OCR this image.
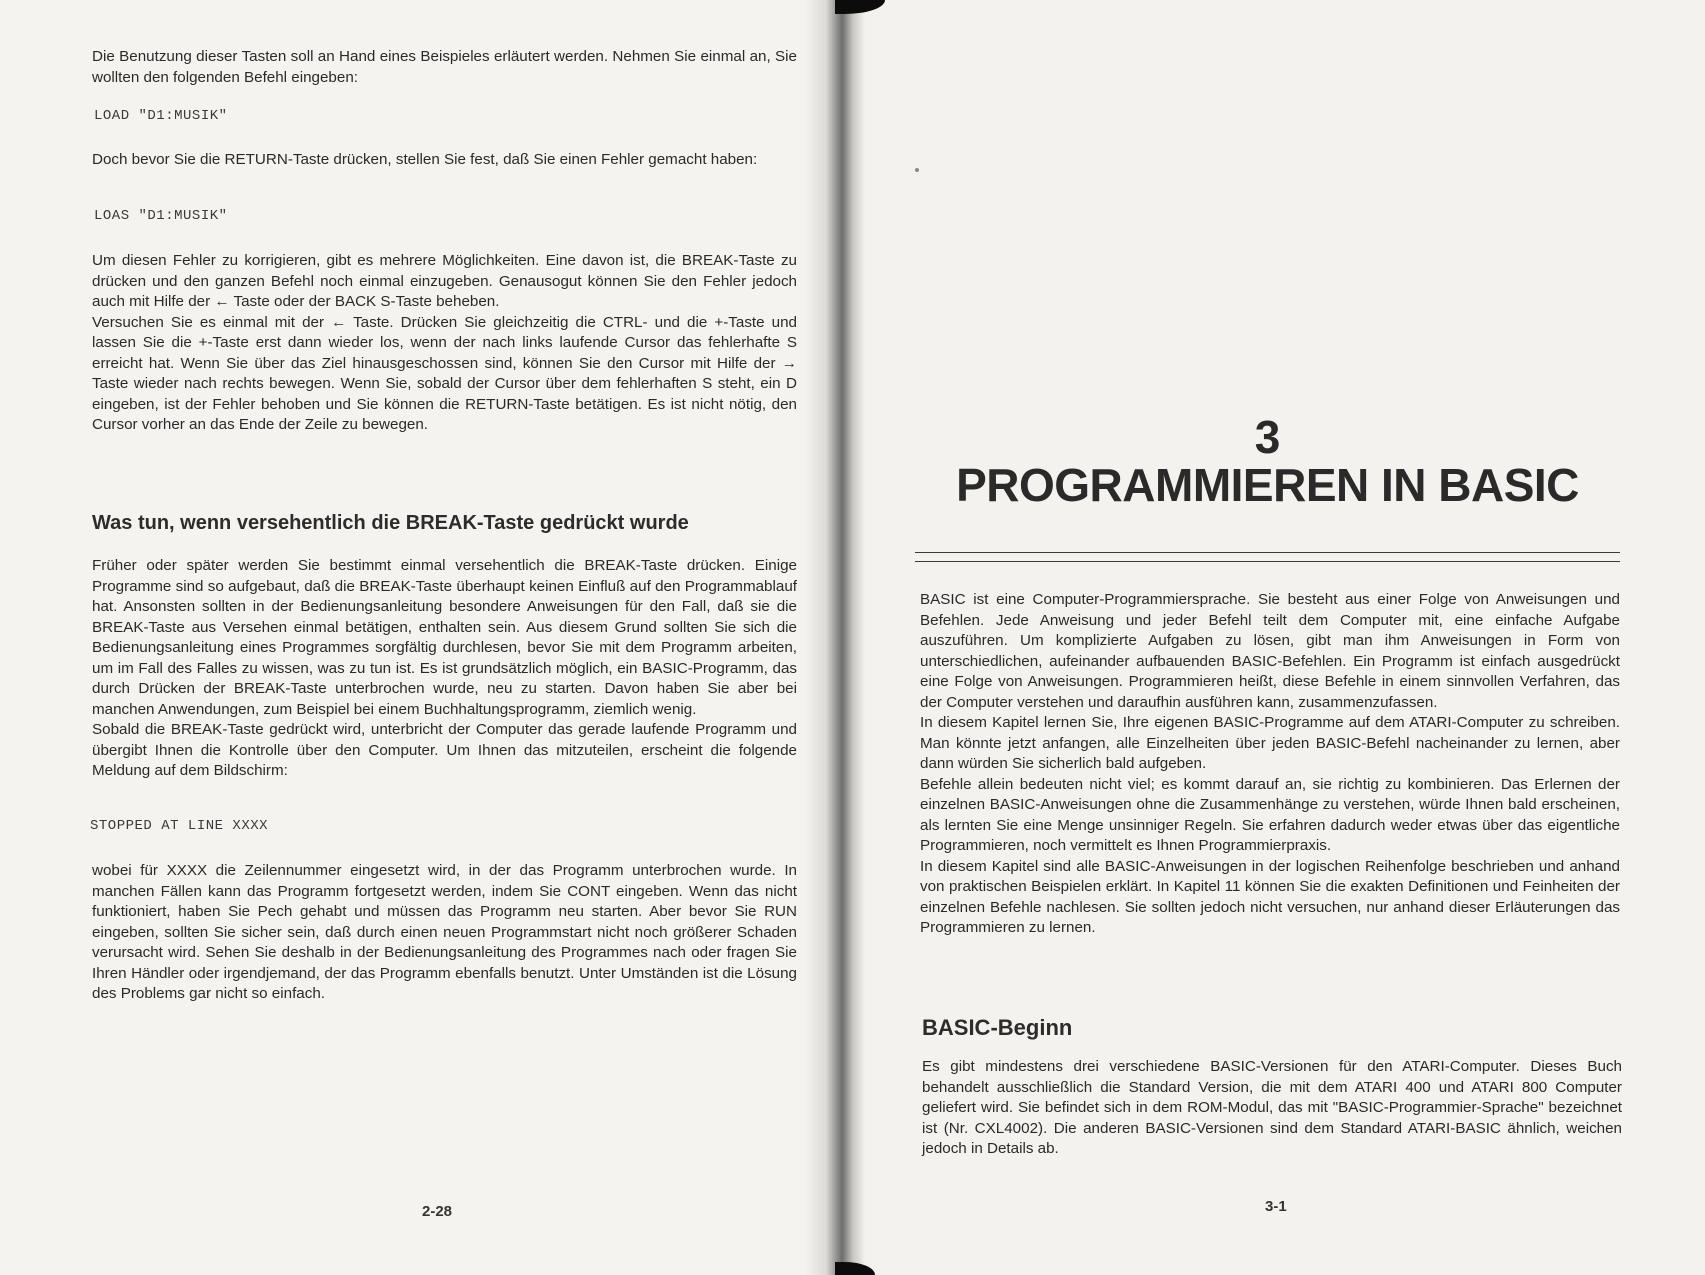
Die Benutzung dieser Tasten soll an Hand eines Beispieles erläutert werden. Nehmen Sie einmal an, Sie wollten den folgenden Befehl eingeben:

LOAD "D1:MUSIK"

Doch bevor Sie die RETURN-Taste drücken, stellen Sie fest, daß Sie einen Fehler gemacht haben:

LOAS "D1:MUSIK"

Um diesen Fehler zu korrigieren, gibt es mehrere Möglichkeiten. Eine davon ist, die BREAK-Taste zu drücken und den ganzen Befehl noch einmal einzugeben. Genausogut können Sie den Fehler jedoch auch mit Hilfe der ← Taste oder der BACK S-Taste beheben.
Versuchen Sie es einmal mit der ← Taste. Drücken Sie gleichzeitig die CTRL- und die +-Taste und lassen Sie die +-Taste erst dann wieder los, wenn der nach links laufende Cursor das fehlerhafte S erreicht hat. Wenn Sie über das Ziel hinausgeschossen sind, können Sie den Cursor mit Hilfe der → Taste wieder nach rechts bewegen. Wenn Sie, sobald der Cursor über dem fehlerhaften S steht, ein D eingeben, ist der Fehler behoben und Sie können die RETURN-Taste betätigen. Es ist nicht nötig, den Cursor vorher an das Ende der Zeile zu bewegen.

Was tun, wenn versehentlich die BREAK-Taste gedrückt wurde

Früher oder später werden Sie bestimmt einmal versehentlich die BREAK-Taste drücken. Einige Programme sind so aufgebaut, daß die BREAK-Taste überhaupt keinen Einfluß auf den Programmablauf hat. Ansonsten sollten in der Bedienungsanleitung besondere Anweisungen für den Fall, daß sie die BREAK-Taste aus Versehen einmal betätigen, enthalten sein. Aus diesem Grund sollten Sie sich die Bedienungsanleitung eines Programmes sorgfältig durchlesen, bevor Sie mit dem Programm arbeiten, um im Fall des Falles zu wissen, was zu tun ist. Es ist grundsätzlich möglich, ein BASIC-Programm, das durch Drücken der BREAK-Taste unterbrochen wurde, neu zu starten. Davon haben Sie aber bei manchen Anwendungen, zum Beispiel bei einem Buchhaltungsprogramm, ziemlich wenig.
Sobald die BREAK-Taste gedrückt wird, unterbricht der Computer das gerade laufende Programm und übergibt Ihnen die Kontrolle über den Computer. Um Ihnen das mitzuteilen, erscheint die folgende Meldung auf dem Bildschirm:

STOPPED AT LINE XXXX

wobei für XXXX die Zeilennummer eingesetzt wird, in der das Programm unterbrochen wurde. In manchen Fällen kann das Programm fortgesetzt werden, indem Sie CONT eingeben. Wenn das nicht funktioniert, haben Sie Pech gehabt und müssen das Programm neu starten. Aber bevor Sie RUN eingeben, sollten Sie sicher sein, daß durch einen neuen Programmstart nicht noch größerer Schaden verursacht wird. Sehen Sie deshalb in der Bedienungsanleitung des Programmes nach oder fragen Sie Ihren Händler oder irgendjemand, der das Programm ebenfalls benutzt. Unter Umständen ist die Lösung des Problems gar nicht so einfach.

2-28

3

PROGRAMMIEREN IN BASIC

BASIC ist eine Computer-Programmiersprache. Sie besteht aus einer Folge von Anweisungen und Befehlen. Jede Anweisung und jeder Befehl teilt dem Computer mit, eine einfache Aufgabe auszuführen. Um komplizierte Aufgaben zu lösen, gibt man ihm Anweisungen in Form von unterschiedlichen, aufeinander aufbauenden BASIC-Befehlen. Ein Programm ist einfach ausgedrückt eine Folge von Anweisungen. Programmieren heißt, diese Befehle in einem sinnvollen Verfahren, das der Computer verstehen und daraufhin ausführen kann, zusammenzufassen.
In diesem Kapitel lernen Sie, Ihre eigenen BASIC-Programme auf dem ATARI-Computer zu schreiben. Man könnte jetzt anfangen, alle Einzelheiten über jeden BASIC-Befehl nacheinander zu lernen, aber dann würden Sie sicherlich bald aufgeben.
Befehle allein bedeuten nicht viel; es kommt darauf an, sie richtig zu kombinieren. Das Erlernen der einzelnen BASIC-Anweisungen ohne die Zusammenhänge zu verstehen, würde Ihnen bald erscheinen, als lernten Sie eine Menge unsinniger Regeln. Sie erfahren dadurch weder etwas über das eigentliche Programmieren, noch vermittelt es Ihnen Programmierpraxis.
In diesem Kapitel sind alle BASIC-Anweisungen in der logischen Reihenfolge beschrieben und anhand von praktischen Beispielen erklärt. In Kapitel 11 können Sie die exakten Definitionen und Feinheiten der einzelnen Befehle nachlesen. Sie sollten jedoch nicht versuchen, nur anhand dieser Erläuterungen das Programmieren zu lernen.

BASIC-Beginn

Es gibt mindestens drei verschiedene BASIC-Versionen für den ATARI-Computer. Dieses Buch behandelt ausschließlich die Standard Version, die mit dem ATARI 400 und ATARI 800 Computer geliefert wird. Sie befindet sich in dem ROM-Modul, das mit "BASIC-Programmier-Sprache" bezeichnet ist (Nr. CXL4002). Die anderen BASIC-Versionen sind dem Standard ATARI-BASIC ähnlich, weichen jedoch in Details ab.

3-1
